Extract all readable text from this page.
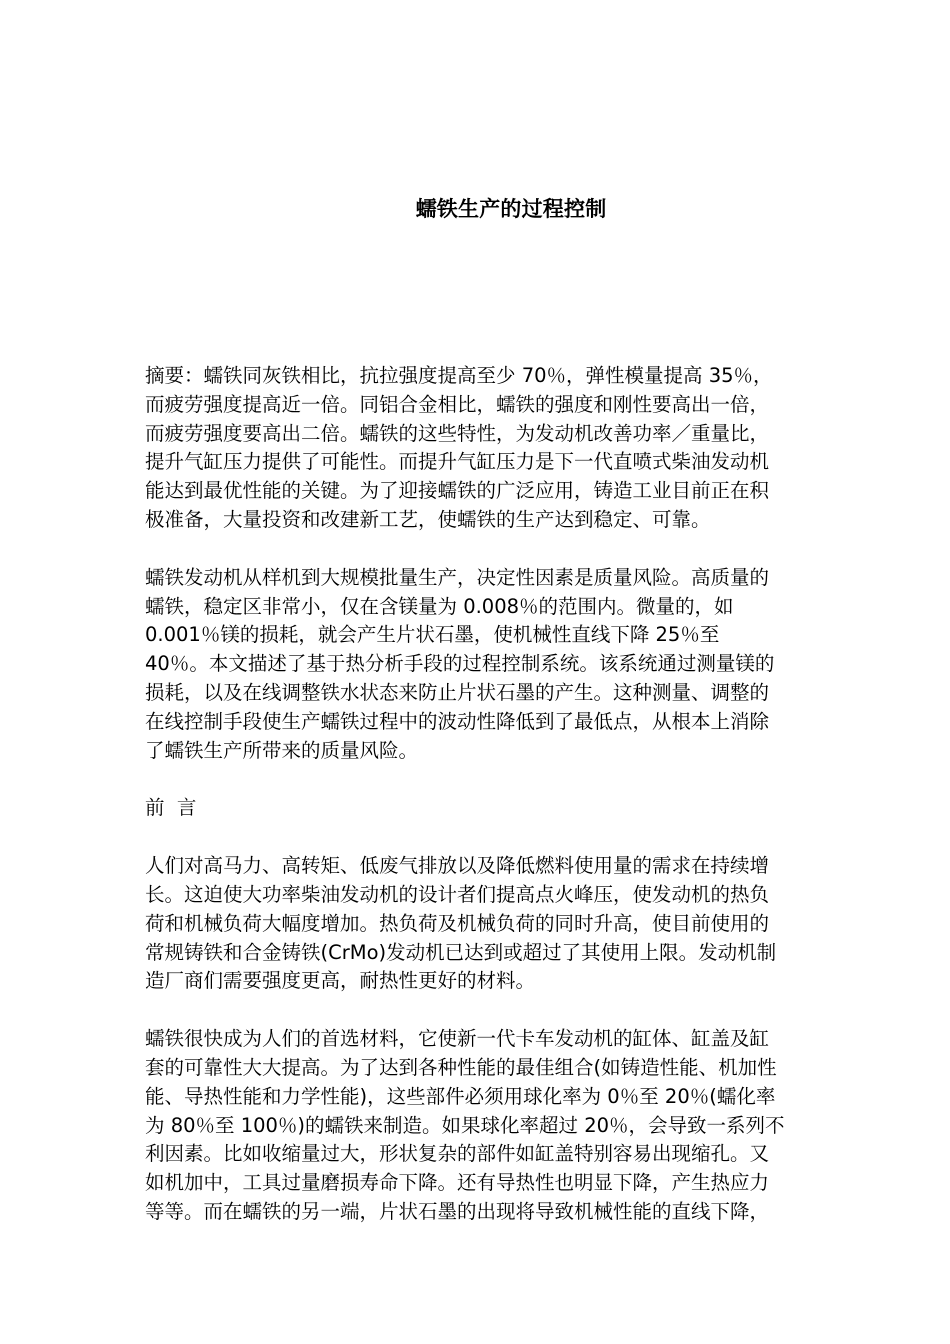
蠕铁生产的过程控制
摘要：蠕铁同灰铁相比，抗拉强度提高至少 70％，弹性模量提高 35％，
而疲劳强度提高近一倍。同铝合金相比，蠕铁的强度和刚性要高出一倍，
而疲劳强度要高出二倍。蠕铁的这些特性，为发动机改善功率／重量比，
提升气缸压力提供了可能性。而提升气缸压力是下一代直喷式柴油发动机
能达到最优性能的关键。为了迎接蠕铁的广泛应用，铸造工业目前正在积
极准备，大量投资和改建新工艺，使蠕铁的生产达到稳定、可靠。
蠕铁发动机从样机到大规模批量生产，决定性因素是质量风险。高质量的
蠕铁，稳定区非常小，仅在含镁量为 0.008％的范围内。微量的，如
0.001％镁的损耗，就会产生片状石墨，使机械性直线下降 25％至
40％。本文描述了基于热分析手段的过程控制系统。该系统通过测量镁的
损耗，以及在线调整铁水状态来防止片状石墨的产生。这种测量、调整的
在线控制手段使生产蠕铁过程中的波动性降低到了最低点，从根本上消除
了蠕铁生产所带来的质量风险。
前  言
人们对高马力、高转矩、低废气排放以及降低燃料使用量的需求在持续增
长。这迫使大功率柴油发动机的设计者们提高点火峰压，使发动机的热负
荷和机械负荷大幅度增加。热负荷及机械负荷的同时升高，使目前使用的
常规铸铁和合金铸铁(CrMo)发动机已达到或超过了其使用上限。发动机制
造厂商们需要强度更高，耐热性更好的材料。
蠕铁很快成为人们的首选材料，它使新一代卡车发动机的缸体、缸盖及缸
套的可靠性大大提高。为了达到各种性能的最佳组合(如铸造性能、机加性
能、导热性能和力学性能)，这些部件必须用球化率为 0％至 20％(蠕化率
为 80％至 100％)的蠕铁来制造。如果球化率超过 20％，会导致一系列不
利因素。比如收缩量过大，形状复杂的部件如缸盖特别容易出现缩孔。又
如机加中，工具过量磨损寿命下降。还有导热性也明显下降，产生热应力
等等。而在蠕铁的另一端，片状石墨的出现将导致机械性能的直线下降，
